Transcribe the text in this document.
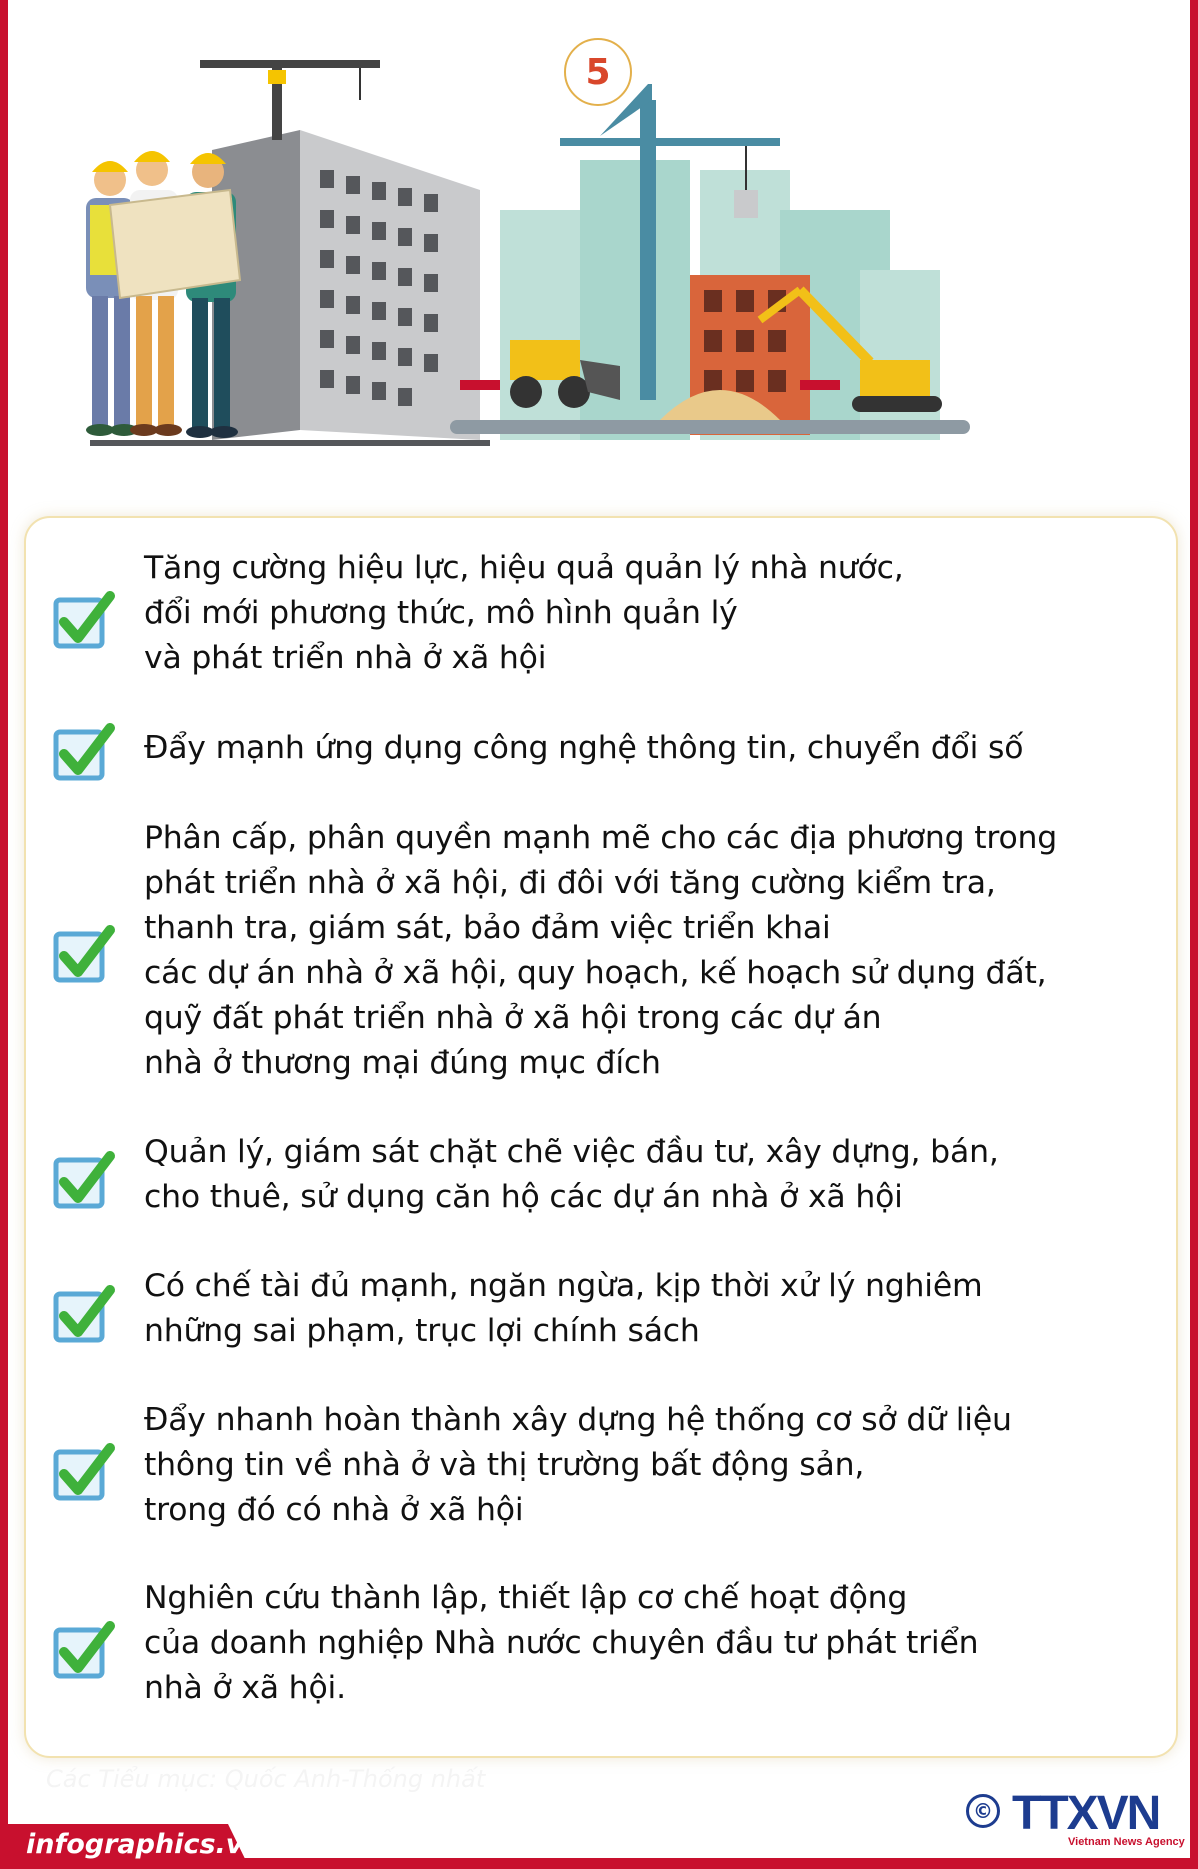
5
Tăng cường hiệu lực, hiệu quả quản lý nhà nước,
đổi mới phương thức, mô hình quản lý
và phát triển nhà ở xã hội
Đẩy mạnh ứng dụng công nghệ thông tin, chuyển đổi số
Phân cấp, phân quyền mạnh mẽ cho các địa phương trong
phát triển nhà ở xã hội, đi đôi với tăng cường kiểm tra,
thanh tra, giám sát, bảo đảm việc triển khai
các dự án nhà ở xã hội, quy hoạch, kế hoạch sử dụng đất,
quỹ đất phát triển nhà ở xã hội trong các dự án
nhà ở thương mại đúng mục đích
Quản lý, giám sát chặt chẽ việc đầu tư, xây dựng, bán,
cho thuê, sử dụng căn hộ các dự án nhà ở xã hội
Có chế tài đủ mạnh, ngăn ngừa, kịp thời xử lý nghiêm
những sai phạm, trục lợi chính sách
Đẩy nhanh hoàn thành xây dựng hệ thống cơ sở dữ liệu
thông tin về nhà ở và thị trường bất động sản,
trong đó có nhà ở xã hội
Nghiên cứu thành lập, thiết lập cơ chế hoạt động
của doanh nghiệp Nhà nước chuyên đầu tư phát triển
nhà ở xã hội.
Các Tiểu mục: Quốc Anh-Thống nhất
infographics.vn
© TTXVN
Vietnam News Agency
